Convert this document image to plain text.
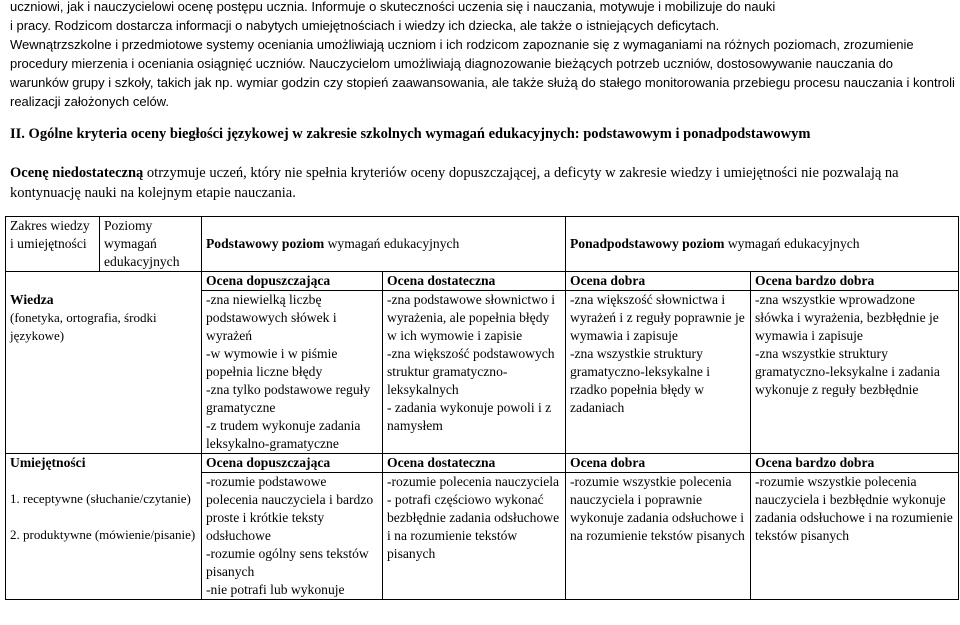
uczniowi, jak i nauczycielowi ocenę postępu ucznia. Informuje o skuteczności uczenia się i nauczania, motywuje i mobilizuje do nauki

i pracy. Rodzicom dostarcza informacji o nabytych umiejętnościach i wiedzy ich dziecka, ale także o istniejących deficytach.

Wewnątrzszkolne i przedmiotowe systemy oceniania umożliwiają uczniom i ich rodzicom zapoznanie się z wymaganiami na różnych poziomach, zrozumienie procedury mierzenia i oceniania osiągnięć uczniów. Nauczycielom umożliwiają diagnozowanie bieżących potrzeb uczniów, dostosowywanie nauczania do warunków grupy i szkoły, takich jak np. wymiar godzin czy stopień zaawansowania, ale także służą do stałego monitorowania przebiegu procesu nauczania i kontroli realizacji założonych celów.

II. Ogólne kryteria oceny biegłości językowej w zakresie szkolnych wymagań edukacyjnych: podstawowym i ponadpodstawowym

Ocenę niedostateczną otrzymuje uczeń, który nie spełnia kryteriów oceny dopuszczającej, a deficyty w zakresie wiedzy i umiejętności nie pozwalają na kontynuację nauki na kolejnym etapie nauczania.

Zakres wiedzy i umiejętności	Poziomy wymagań edukacyjnych	Podstawowy poziom wymagań edukacyjnych		Ponadpodstawowy poziom wymagań edukacyjnych	

Wiedza
(fonetyka, ortografia, środki językowe)		Ocena dopuszczająca	Ocena dostateczna	Ocena dobra	Ocena bardzo dobra
		-zna niewielką liczbę podstawowych słówek i wyrażeń
-w wymowie i w piśmie popełnia liczne błędy
-zna tylko podstawowe reguły gramatyczne
-z trudem wykonuje zadania leksykalno-gramatyczne	-zna podstawowe słownictwo i wyrażenia, ale popełnia błędy w ich wymowie i zapisie
-zna większość podstawowych struktur gramatyczno-leksykalnych
- zadania wykonuje powoli i z namysłem	-zna większość słownictwa i wyrażeń i z reguły poprawnie je wymawia i zapisuje
-zna wszystkie struktury gramatyczno-leksykalne i rzadko popełnia błędy w zadaniach	-zna wszystkie wprowadzone słówka i wyrażenia, bezbłędnie je wymawia i zapisuje
-zna wszystkie struktury gramatyczno-leksykalne i zadania wykonuje z reguły bezbłędnie

Umiejętności
1. receptywne (słuchanie/czytanie)
2. produktywne (mówienie/pisanie)		Ocena dopuszczająca	Ocena dostateczna	Ocena dobra	Ocena bardzo dobra
		-rozumie podstawowe polecenia nauczyciela i bardzo proste i krótkie teksty odsłuchowe
-rozumie ogólny sens tekstów pisanych
-nie potrafi lub wykonuje	-rozumie polecenia nauczyciela
- potrafi częściowo wykonać bezbłędnie zadania odsłuchowe i na rozumienie tekstów pisanych	-rozumie wszystkie polecenia nauczyciela i poprawnie wykonuje zadania odsłuchowe i na rozumienie tekstów pisanych	-rozumie wszystkie polecenia nauczyciela i bezbłędnie wykonuje zadania odsłuchowe i na rozumienie tekstów pisanych
